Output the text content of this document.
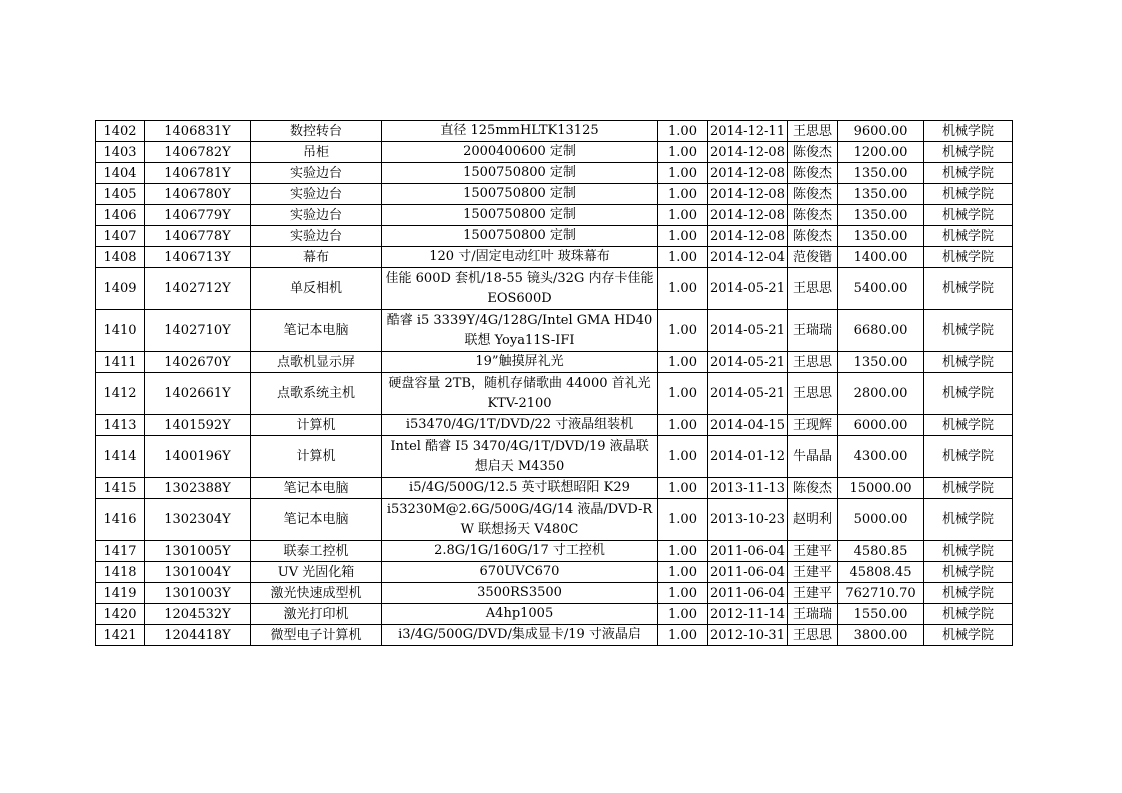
1402	1406831Y	数控转台	直径 125mmHLTK13125	1.00	2014-12-11	王思思	9600.00	机械学院
1403	1406782Y	吊柜	2000400600 定制	1.00	2014-12-08	陈俊杰	1200.00	机械学院
1404	1406781Y	实验边台	1500750800 定制	1.00	2014-12-08	陈俊杰	1350.00	机械学院
1405	1406780Y	实验边台	1500750800 定制	1.00	2014-12-08	陈俊杰	1350.00	机械学院
1406	1406779Y	实验边台	1500750800 定制	1.00	2014-12-08	陈俊杰	1350.00	机械学院
1407	1406778Y	实验边台	1500750800 定制	1.00	2014-12-08	陈俊杰	1350.00	机械学院
1408	1406713Y	幕布	120 寸/固定电动红叶 玻珠幕布	1.00	2014-12-04	范俊锴	1400.00	机械学院
1409	1402712Y	单反相机	佳能 600D 套机/18-55 镜头/32G 内存卡佳能 EOS600D	1.00	2014-05-21	王思思	5400.00	机械学院
1410	1402710Y	笔记本电脑	酷睿 i5 3339Y/4G/128G/Intel GMA HD40 联想 Yoya11S-IFI	1.00	2014-05-21	王瑞瑞	6680.00	机械学院
1411	1402670Y	点歌机显示屏	19”触摸屏礼光	1.00	2014-05-21	王思思	1350.00	机械学院
1412	1402661Y	点歌系统主机	硬盘容量 2TB，随机存储歌曲 44000 首礼光 KTV-2100	1.00	2014-05-21	王思思	2800.00	机械学院
1413	1401592Y	计算机	i53470/4G/1T/DVD/22 寸液晶组装机	1.00	2014-04-15	王现辉	6000.00	机械学院
1414	1400196Y	计算机	Intel 酷睿 I5 3470/4G/1T/DVD/19 液晶联想启天 M4350	1.00	2014-01-12	牛晶晶	4300.00	机械学院
1415	1302388Y	笔记本电脑	i5/4G/500G/12.5 英寸联想昭阳 K29	1.00	2013-11-13	陈俊杰	15000.00	机械学院
1416	1302304Y	笔记本电脑	i53230M@2.6G/500G/4G/14 液晶/DVD-RW 联想扬天 V480C	1.00	2013-10-23	赵明利	5000.00	机械学院
1417	1301005Y	联泰工控机	2.8G/1G/160G/17 寸工控机	1.00	2011-06-04	王建平	4580.85	机械学院
1418	1301004Y	UV 光固化箱	670UVC670	1.00	2011-06-04	王建平	45808.45	机械学院
1419	1301003Y	激光快速成型机	3500RS3500	1.00	2011-06-04	王建平	762710.70	机械学院
1420	1204532Y	激光打印机	A4hp1005	1.00	2012-11-14	王瑞瑞	1550.00	机械学院
1421	1204418Y	微型电子计算机	i3/4G/500G/DVD/集成显卡/19 寸液晶启	1.00	2012-10-31	王思思	3800.00	机械学院
